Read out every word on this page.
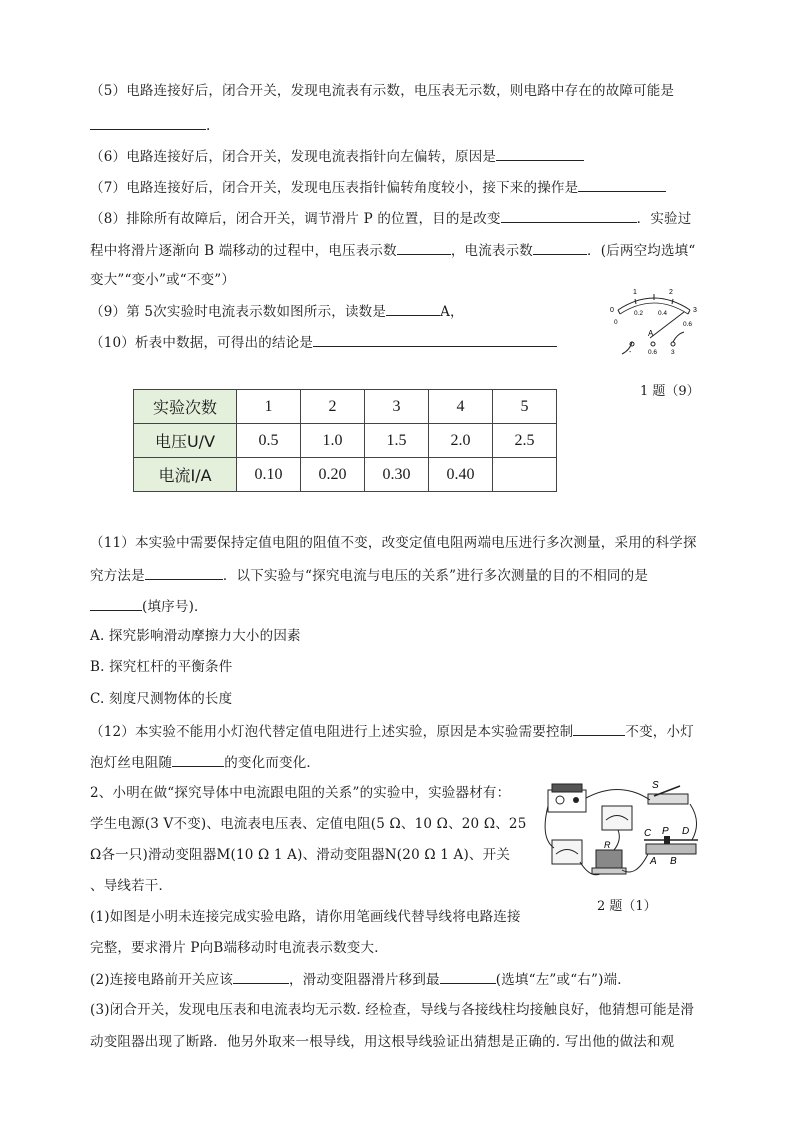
（5）电路连接好后，闭合开关，发现电流表有示数，电压表无示数，则电路中存在的故障可能是
.
（6）电路连接好后，闭合开关，发现电流表指针向左偏转，原因是
（7）电路连接好后，闭合开关，发现电压表指针偏转角度较小，接下来的操作是
（8）排除所有故障后，闭合开关，调节滑片 P 的位置，目的是改变	．实验过
程中将滑片逐渐向 B 端移动的过程中，电压表示数	，电流表示数	．(后两空均选填“
变大”“变小”或“不变”）
（9）第 5次实验时电流表示数如图所示，读数是	A，
（10）析表中数据，可得出的结论是
0
1	2
3
0
0.2 0.4
0.6
A
-	0.6 3
1 题（9）
实验次数	1	2	3	4	5
电压U/V	0.5	1.0	1.5	2.0	2.5
电流I/A	0.10	0.20	0.30	0.40	
（11）本实验中需要保持定值电阻的阻值不变，改变定值电阻两端电压进行多次测量，采用的科学探
究方法是	．以下实验与“探究电流与电压的关系”进行多次测量的目的不相同的是
(填序号)．
A. 探究影响滑动摩擦力大小的因素
B. 探究杠杆的平衡条件
C. 刻度尺测物体的长度
（12）本实验不能用小灯泡代替定值电阻进行上述实验，原因是本实验需要控制	不变，小灯
泡灯丝电阻随	的变化而变化．
2、小明在做“探究导体中电流跟电阻的关系”的实验中，实验器材有：
学生电源(3 V不变)、电流表电压表、定值电阻(5 Ω、10 Ω、20 Ω、25
Ω各一只)滑动变阻器M(10 Ω 1 A)、滑动变阻器N(20 Ω 1 A)、开关
、导线若干．
(1)如图是小明未连接完成实验电路，请你用笔画线代替导线将电路连接
完整，要求滑片 P向B端移动时电流表示数变大．
(2)连接电路前开关应该	，滑动变阻器滑片移到最	(选填“左”或“右”)端．
(3)闭合开关，发现电压表和电流表均无示数. 经检查，导线与各接线柱均接触良好，他猜想可能是滑
动变阻器出现了断路．他另外取来一根导线，用这根导线验证出猜想是正确的. 写出他的做法和观
S
R
C P D
A B
2 题（1）
